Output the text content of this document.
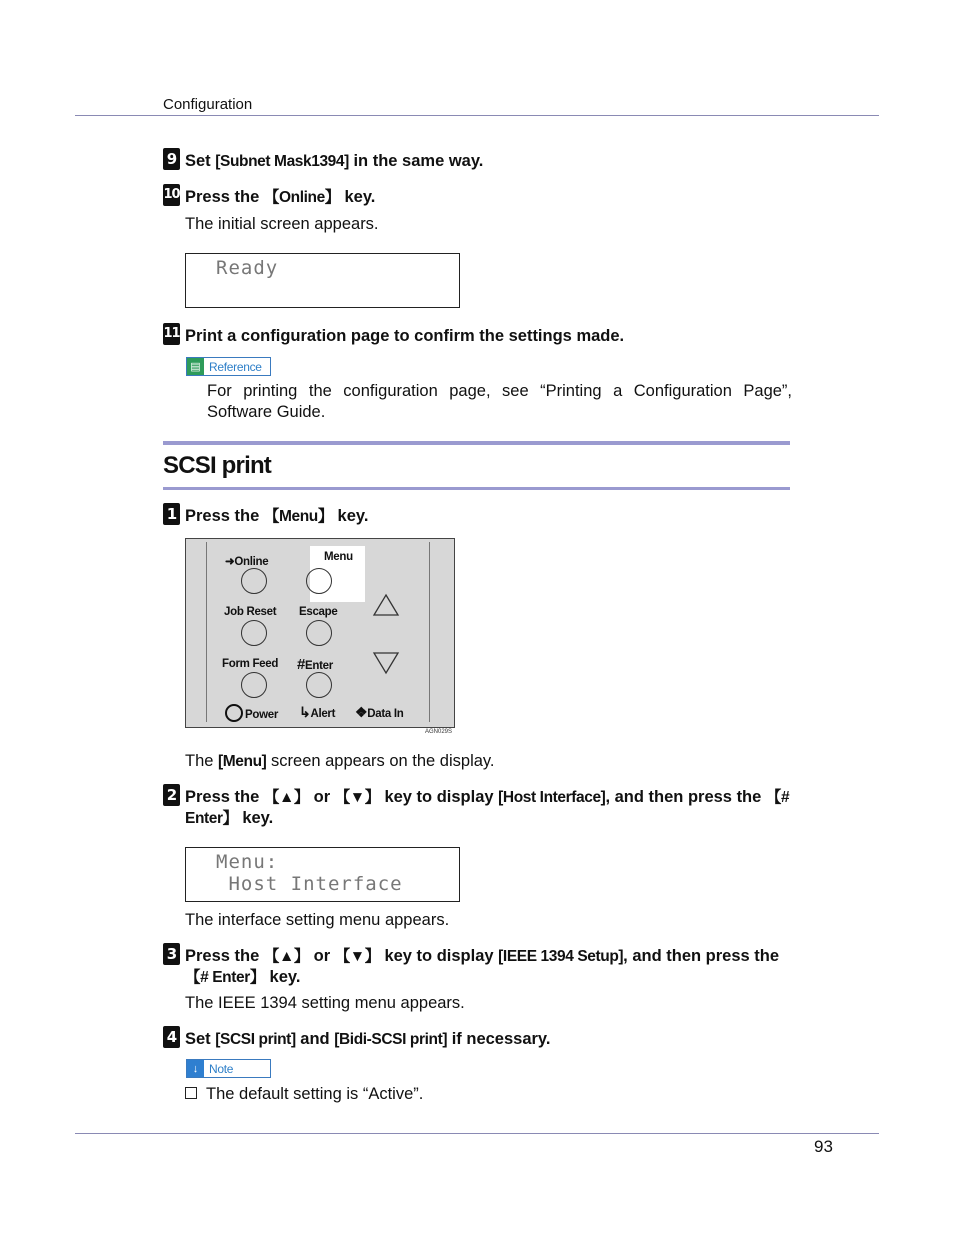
Configuration
9 Set [Subnet Mask1394] in the same way.
10 Press the 【Online】 key.
The initial screen appears.
Ready
11 Print a configuration page to confirm the settings made.
▤ Reference
For printing the configuration page, see “Printing a Configuration Page”, Software Guide.
SCSI print
1 Press the 【Menu】 key.
➜Online	Menu
Job Reset Escape
Form Feed #Enter
Power ↳Alert ❖Data In
AGN029S
The [Menu] screen appears on the display.
2 Press the 【▲】 or 【▼】 key to display [Host Interface], and then press the 【# Enter】 key.
Menu:
Host Interface
The interface setting menu appears.
3 Press the 【▲】 or 【▼】 key to display [IEEE 1394 Setup], and then press the 【# Enter】 key.
The IEEE 1394 setting menu appears.
4 Set [SCSI print] and [Bidi-SCSI print] if necessary.
↓ Note
The default setting is “Active”.
93
